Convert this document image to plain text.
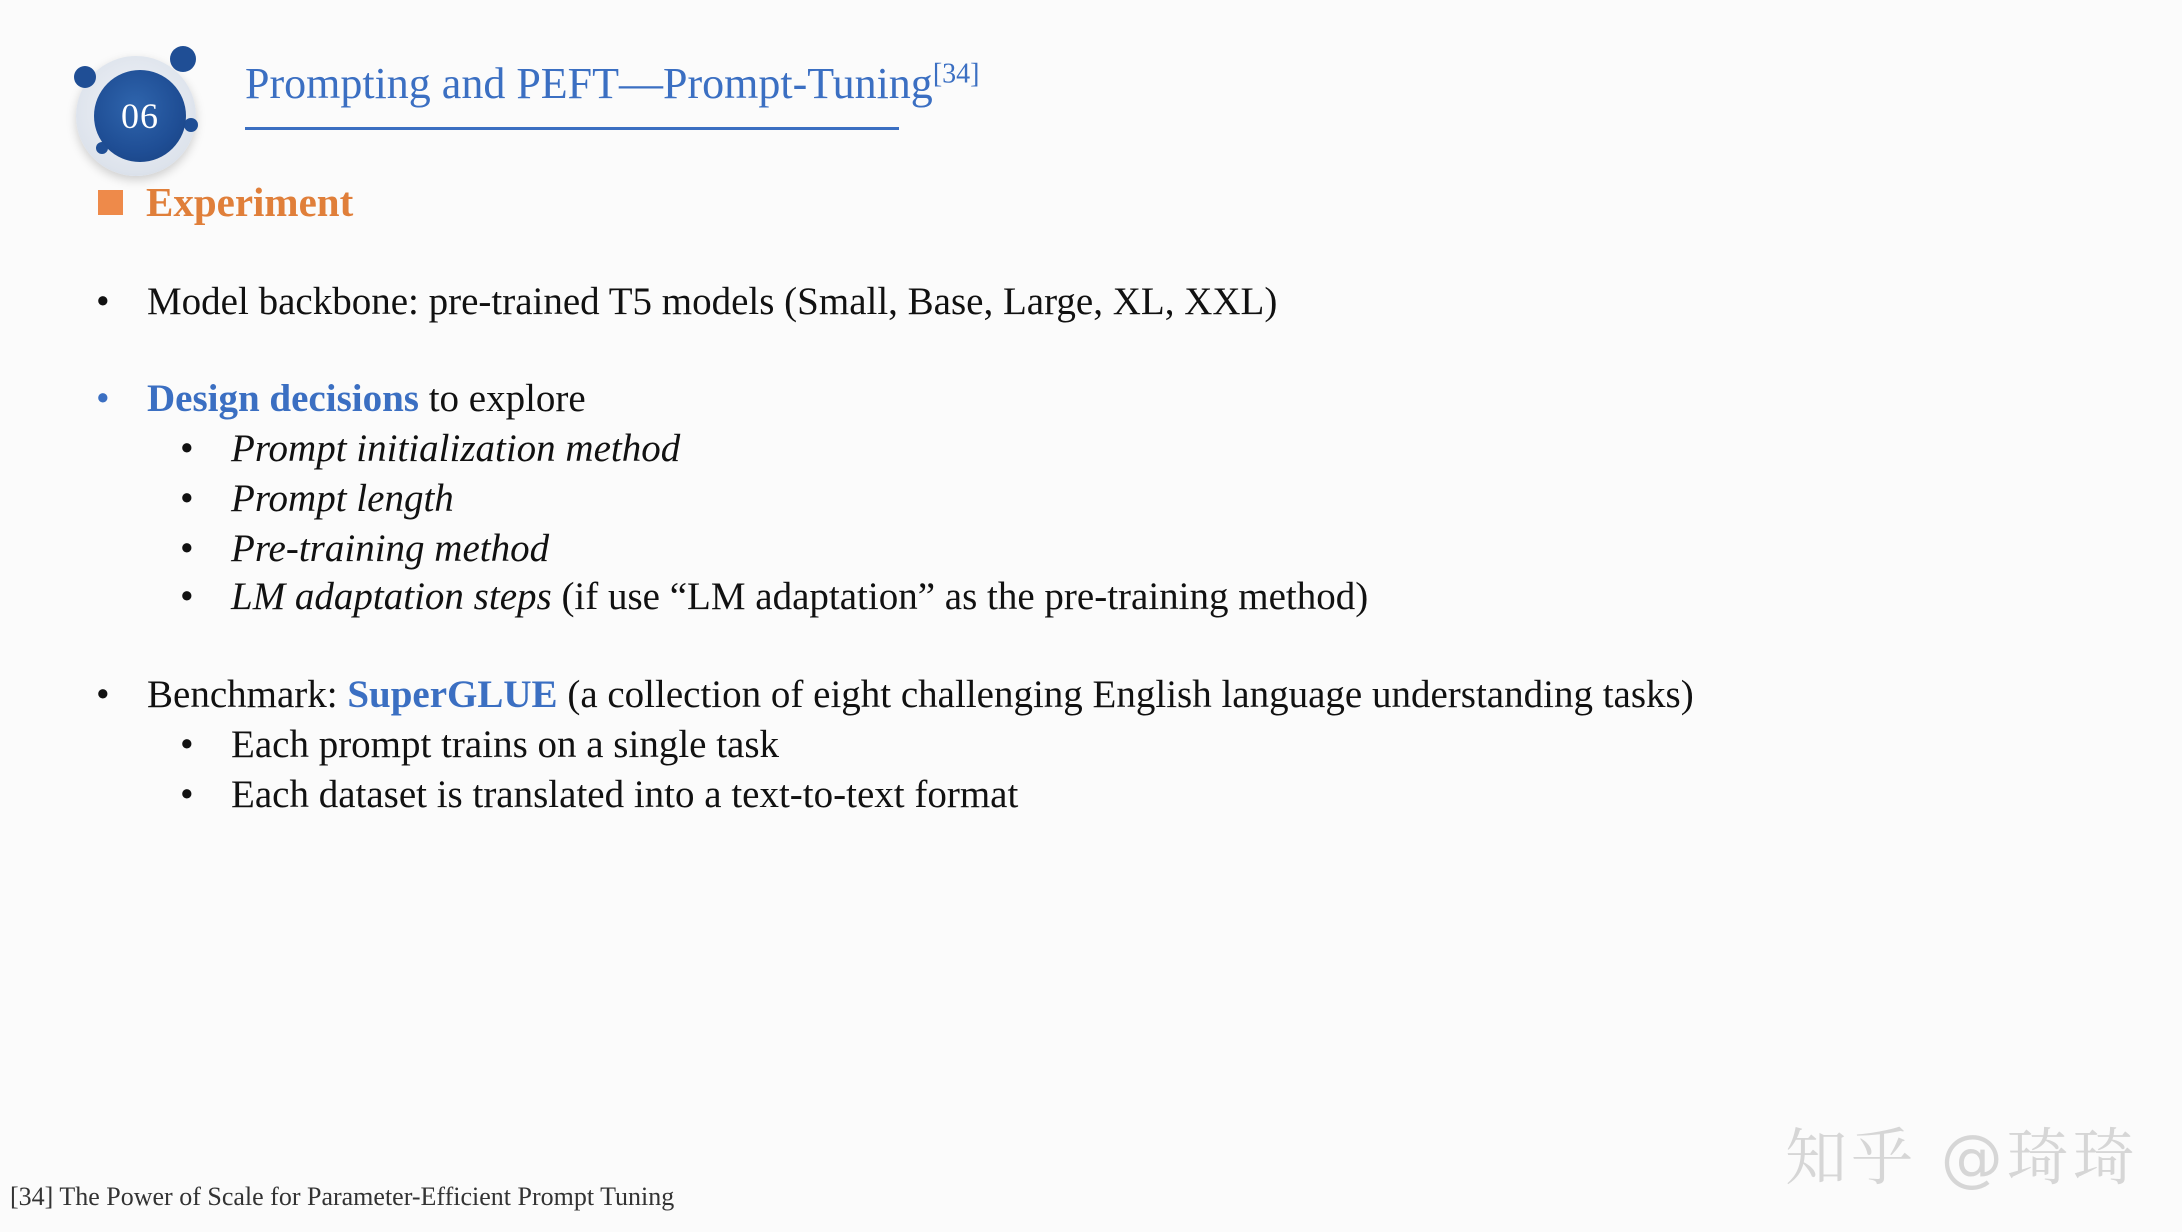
06
Prompting and PEFT—Prompt-Tuning[34]
Experiment
• Model backbone: pre-trained T5 models (Small, Base, Large, XL, XXL)
• Design decisions to explore
• Prompt initialization method
• Prompt length
• Pre-training method
• LM adaptation steps (if use “LM adaptation” as the pre-training method)
• Benchmark: SuperGLUE (a collection of eight challenging English language understanding tasks)
• Each prompt trains on a single task
• Each dataset is translated into a text-to-text format
知乎 @琦琦
[34] The Power of Scale for Parameter-Efficient Prompt Tuning
